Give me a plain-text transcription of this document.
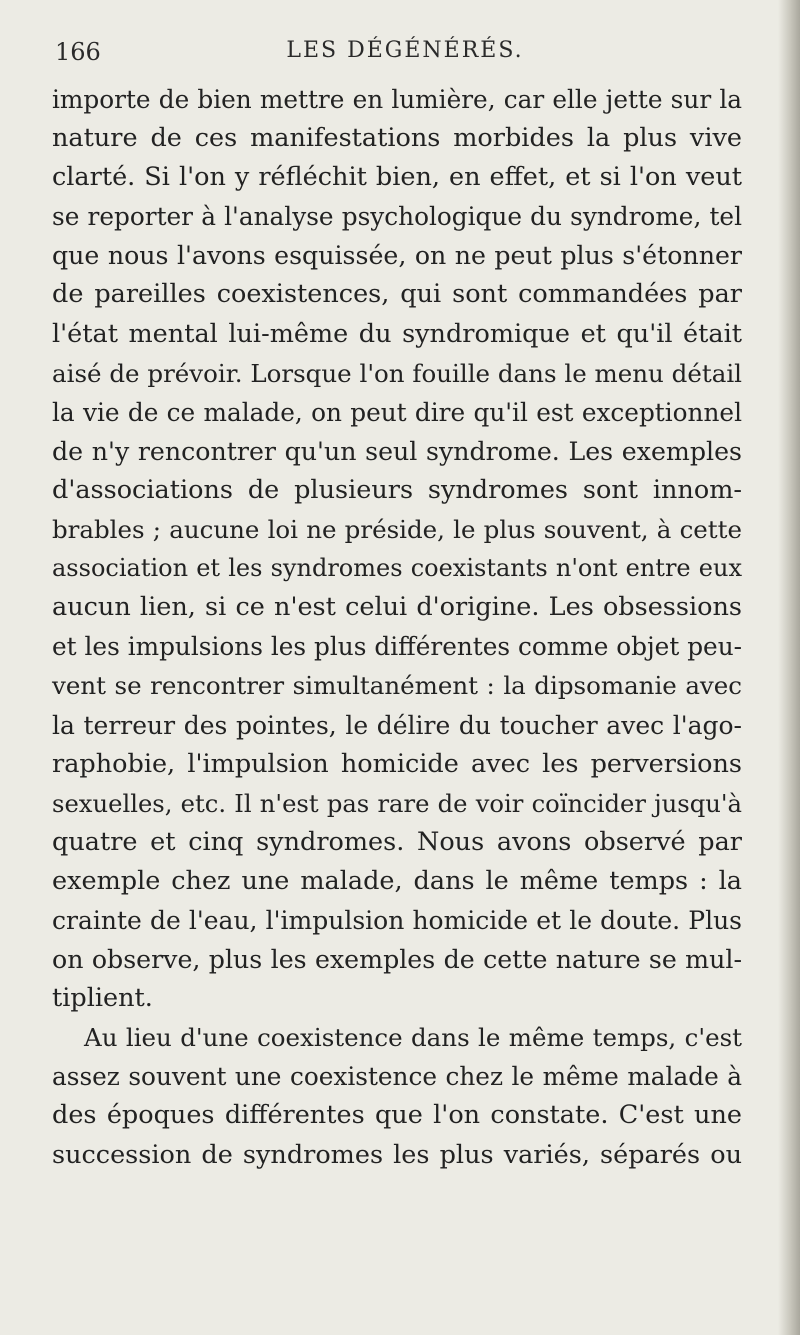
166	LES DÉGÉNÉRÉS.
importe de bien mettre en lumière, car elle jette sur la
nature de ces manifestations morbides la plus vive
clarté. Si l'on y réfléchit bien, en effet, et si l'on veut
se reporter à l'analyse psychologique du syndrome, tel
que nous l'avons esquissée, on ne peut plus s'étonner
de pareilles coexistences, qui sont commandées par
l'état mental lui-même du syndromique et qu'il était
aisé de prévoir. Lorsque l'on fouille dans le menu détail
la vie de ce malade, on peut dire qu'il est exceptionnel
de n'y rencontrer qu'un seul syndrome. Les exemples
d'associations de plusieurs syndromes sont innom-
brables ; aucune loi ne préside, le plus souvent, à cette
association et les syndromes coexistants n'ont entre eux
aucun lien, si ce n'est celui d'origine. Les obsessions
et les impulsions les plus différentes comme objet peu-
vent se rencontrer simultanément : la dipsomanie avec
la terreur des pointes, le délire du toucher avec l'ago-
raphobie, l'impulsion homicide avec les perversions
sexuelles, etc. Il n'est pas rare de voir coïncider jusqu'à
quatre et cinq syndromes. Nous avons observé par
exemple chez une malade, dans le même temps : la
crainte de l'eau, l'impulsion homicide et le doute. Plus
on observe, plus les exemples de cette nature se mul-
tiplient.
Au lieu d'une coexistence dans le même temps, c'est
assez souvent une coexistence chez le même malade à
des époques différentes que l'on constate. C'est une
succession de syndromes les plus variés, séparés ou
